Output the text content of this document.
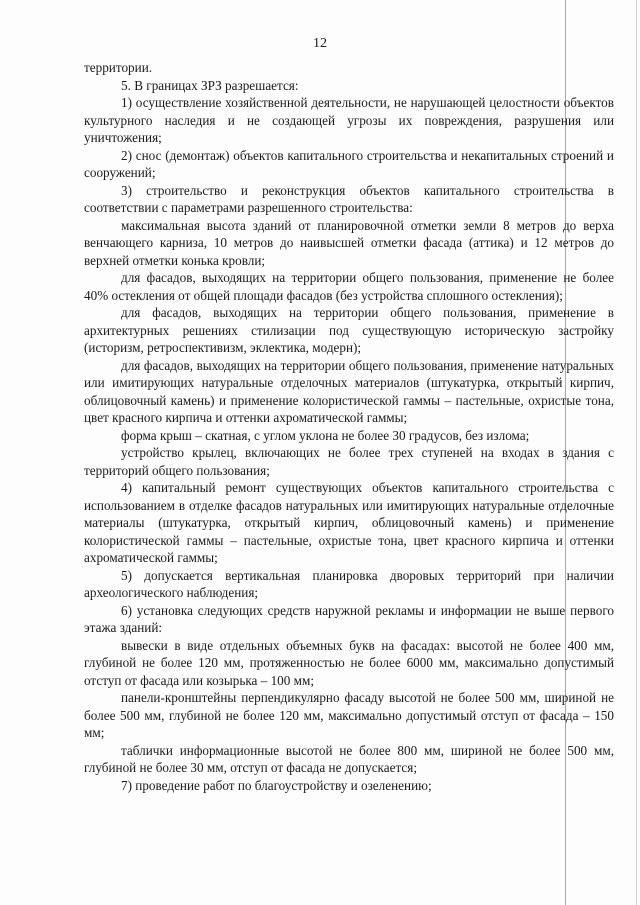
12

территории.

5. В границах ЗРЗ разрешается:

1) осуществление хозяйственной деятельности, не нарушающей целостности объектов культурного наследия и не создающей угрозы их повреждения, разрушения или уничтожения;

2) снос (демонтаж) объектов капитального строительства и некапитальных строений и сооружений;

3) строительство и реконструкция объектов капитального строительства в соответствии с параметрами разрешенного строительства:

максимальная высота зданий от планировочной отметки земли 8 метров до верха венчающего карниза, 10 метров до наивысшей отметки фасада (аттика) и 12 метров до верхней отметки конька кровли;

для фасадов, выходящих на территории общего пользования, применение не более 40% остекления от общей площади фасадов (без устройства сплошного остекления);

для фасадов, выходящих на территории общего пользования, применение в архитектурных решениях стилизации под существующую историческую застройку (историзм, ретроспективизм, эклектика, модерн);

для фасадов, выходящих на территории общего пользования, применение натуральных или имитирующих натуральные отделочных материалов (штукатурка, открытый кирпич, облицовочный камень) и применение колористической гаммы – пастельные, охристые тона, цвет красного кирпича и оттенки ахроматической гаммы;

форма крыш – скатная, с углом уклона не более 30 градусов, без излома;

устройство крылец, включающих не более трех ступеней на входах в здания с территорий общего пользования;

4) капитальный ремонт существующих объектов капитального строительства с использованием в отделке фасадов натуральных или имитирующих натуральные отделочные материалы (штукатурка, открытый кирпич, облицовочный камень) и применение колористической гаммы – пастельные, охристые тона, цвет красного кирпича и оттенки ахроматической гаммы;

5) допускается вертикальная планировка дворовых территорий при наличии археологического наблюдения;

6) установка следующих средств наружной рекламы и информации не выше первого этажа зданий:

вывески в виде отдельных объемных букв на фасадах: высотой не более 400 мм, глубиной не более 120 мм, протяженностью не более 6000 мм, максимально допустимый отступ от фасада или козырька – 100 мм;

панели-кронштейны перпендикулярно фасаду высотой не более 500 мм, шириной не более 500 мм, глубиной не более 120 мм, максимально допустимый отступ от фасада – 150 мм;

таблички информационные высотой не более 800 мм, шириной не более 500 мм, глубиной не более 30 мм, отступ от фасада не допускается;

7) проведение работ по благоустройству и озеленению;
